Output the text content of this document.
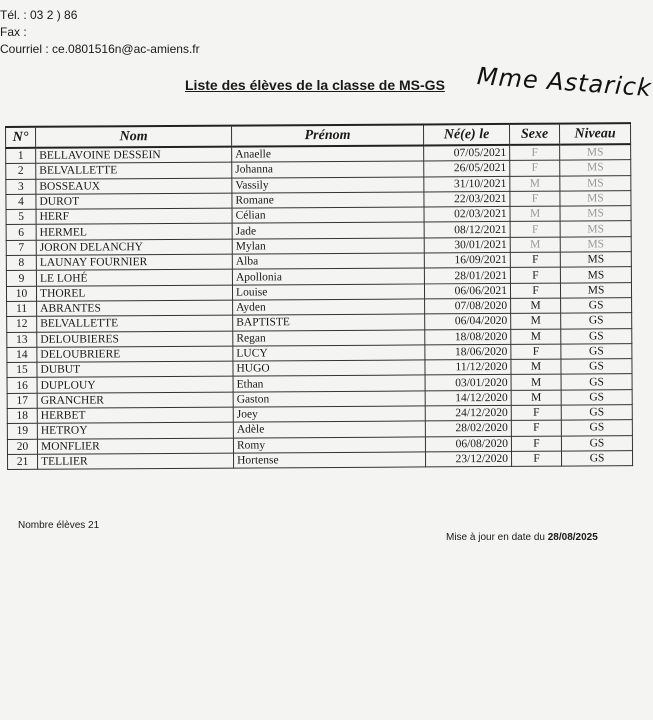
Tél. : 03 2 ) 86
Fax :
Courriel : ce.0801516n@ac-amiens.fr
Liste des élèves de la classe de MS-GS Mme Astarick
N°	Nom	Prénom	Né(e) le	Sexe	Niveau
1	BELLAVOINE DESSEIN	Anaelle	07/05/2021	F	MS
2	BELVALLETTE	Johanna	26/05/2021	F	MS
3	BOSSEAUX	Vassily	31/10/2021	M	MS
4	DUROT	Romane	22/03/2021	F	MS
5	HERF	Célian	02/03/2021	M	MS
6	HERMEL	Jade	08/12/2021	F	MS
7	JORON DELANCHY	Mylan	30/01/2021	M	MS
8	LAUNAY FOURNIER	Alba	16/09/2021	F	MS
9	LE LOHÉ	Apollonia	28/01/2021	F	MS
10	THOREL	Louise	06/06/2021	F	MS
11	ABRANTES	Ayden	07/08/2020	M	GS
12	BELVALLETTE	BAPTISTE	06/04/2020	M	GS
13	DELOUBIERES	Regan	18/08/2020	M	GS
14	DELOUBRIERE	LUCY	18/06/2020	F	GS
15	DUBUT	HUGO	11/12/2020	M	GS
16	DUPLOUY	Ethan	03/01/2020	M	GS
17	GRANCHER	Gaston	14/12/2020	M	GS
18	HERBET	Joey	24/12/2020	F	GS
19	HETROY	Adèle	28/02/2020	F	GS
20	MONFLIER	Romy	06/08/2020	F	GS
21	TELLIER	Hortense	23/12/2020	F	GS
Nombre élèves 21
Mise à jour en date du 28/08/2025
